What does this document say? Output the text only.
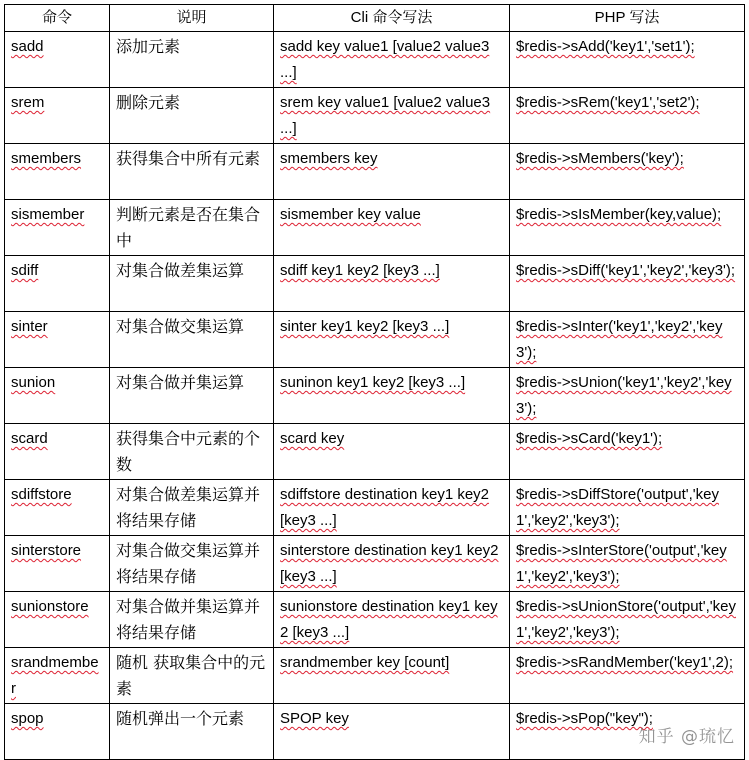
命令	说明	Cli 命令写法	PHP 写法
sadd	添加元素	sadd key value1 [value2 value3 ...]	$redis->sAdd('key1','set1');
srem	删除元素	srem key value1 [value2 value3 ...]	$redis->sRem('key1','set2');
smembers	获得集合中所有元素	smembers key	$redis->sMembers('key');
sismember	判断元素是否在集合中	sismember key value	$redis->sIsMember(key,value);
sdiff	对集合做差集运算	sdiff key1 key2 [key3 ...]	$redis->sDiff('key1','key2','key3');
sinter	对集合做交集运算	sinter key1 key2 [key3 ...]	$redis->sInter('key1','key2','key3');
sunion	对集合做并集运算	suninon key1 key2 [key3 ...]	$redis->sUnion('key1','key2','key3');
scard	获得集合中元素的个数	scard key	$redis->sCard('key1');
sdiffstore	对集合做差集运算并将结果存储	sdiffstore destination key1 key2 [key3 ...]	$redis->sDiffStore('output','key1','key2','key3');
sinterstore	对集合做交集运算并将结果存储	sinterstore destination key1 key2 [key3 ...]	$redis->sInterStore('output','key1','key2','key3');
sunionstore	对集合做并集运算并将结果存储	sunionstore destination key1 key2 [key3 ...]	$redis->sUnionStore('output','key1','key2','key3');
srandmember	随机 获取集合中的元素	srandmember key [count]	$redis->sRandMember('key1',2);
spop	随机弹出一个元素	SPOP key	$redis->sPop("key");
知乎 @琉忆
